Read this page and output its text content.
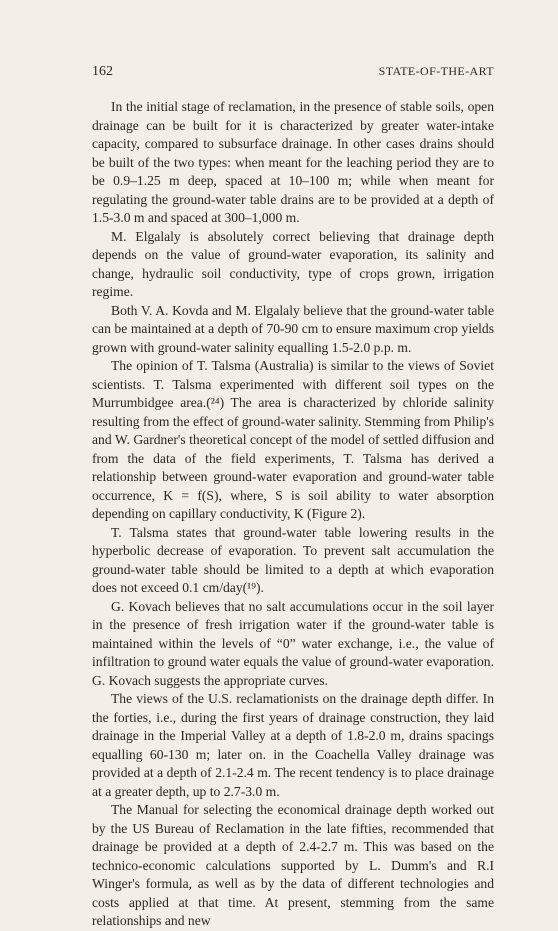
162	STATE-OF-THE-ART

In the initial stage of reclamation, in the presence of stable soils, open drainage can be built for it is characterized by greater water-intake capacity, compared to subsurface drainage. In other cases drains should be built of the two types: when meant for the leaching period they are to be 0.9–1.25 m deep, spaced at 10–100 m; while when meant for regulating the ground-water table drains are to be provided at a depth of 1.5-3.0 m and spaced at 300–1,000 m.

M. Elgalaly is absolutely correct believing that drainage depth depends on the value of ground-water evaporation, its salinity and change, hydraulic soil conductivity, type of crops grown, irrigation regime.

Both V. A. Kovda and M. Elgalaly believe that the ground-water table can be maintained at a depth of 70-90 cm to ensure maximum crop yields grown with ground-water salinity equalling 1.5-2.0 p.p. m.

The opinion of T. Talsma (Australia) is similar to the views of Soviet scientists. T. Talsma experimented with different soil types on the Murrumbidgee area.(²⁴) The area is characterized by chloride salinity resulting from the effect of ground-water salinity. Stemming from Philip's and W. Gardner's theoretical concept of the model of settled diffusion and from the data of the field experiments, T. Talsma has derived a relationship between ground-water evaporation and ground-water table occurrence, K = f(S), where, S is soil ability to water absorption depending on capillary conductivity, K (Figure 2).

T. Talsma states that ground-water table lowering results in the hyperbolic decrease of evaporation. To prevent salt accumulation the ground-water table should be limited to a depth at which evaporation does not exceed 0.1 cm/day(¹⁹).

G. Kovach believes that no salt accumulations occur in the soil layer in the presence of fresh irrigation water if the ground-water table is maintained within the levels of “0” water exchange, i.e., the value of infiltration to ground water equals the value of ground-water evaporation. G. Kovach suggests the appropriate curves.

The views of the U.S. reclamationists on the drainage depth differ. In the forties, i.e., during the first years of drainage construction, they laid drainage in the Imperial Valley at a depth of 1.8-2.0 m, drains spacings equalling 60-130 m; later on. in the Coachella Valley drainage was provided at a depth of 2.1-2.4 m. The recent tendency is to place drainage at a greater depth, up to 2.7-3.0 m.

The Manual for selecting the economical drainage depth worked out by the US Bureau of Reclamation in the late fifties, recommended that drainage be provided at a depth of 2.4-2.7 m. This was based on the technico-economic calculations supported by L. Dumm's and R.I Winger's formula, as well as by the data of different technologies and costs applied at that time. At present, stemming from the same relationships and new
